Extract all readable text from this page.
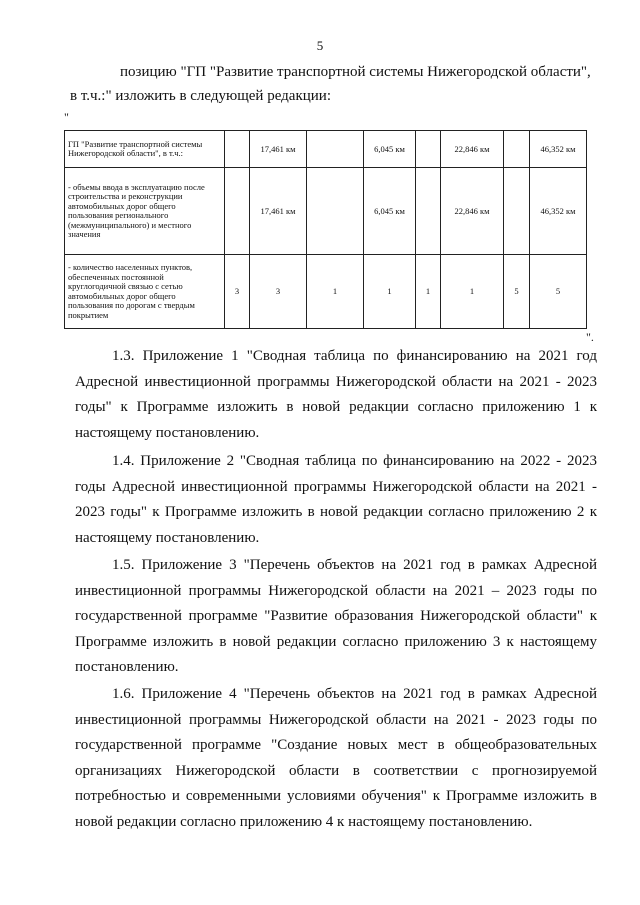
5
позицию "ГП "Развитие транспортной системы Нижегородской области",
в т.ч.:" изложить в следующей редакции:
"
ГП "Развитие транспортной системы Нижегородской области", в т.ч.:		17,461 км		6,045 км		22,846 км		46,352 км
- объемы ввода в эксплуатацию после строительства и реконструкции автомобильных дорог общего пользования регионального (межмуниципального) и местного значения		17,461 км		6,045 км		22,846 км		46,352 км
- количество населенных пунктов, обеспеченных постоянной круглогодичной связью с сетью автомобильных дорог общего пользования по дорогам с твердым покрытием	3	3	1	1	1	1	5	5
".

1.3. Приложение 1 "Сводная таблица по финансированию на 2021 год Адресной инвестиционной программы Нижегородской области на 2021 - 2023 годы" к Программе изложить в новой редакции согласно приложению 1 к настоящему постановлению.

1.4. Приложение 2 "Сводная таблица по финансированию на 2022 - 2023 годы Адресной инвестиционной программы Нижегородской области на 2021 - 2023 годы" к Программе изложить в новой редакции согласно приложению 2 к настоящему постановлению.

1.5. Приложение 3 "Перечень объектов на 2021 год в рамках Адресной инвестиционной программы Нижегородской области на 2021 – 2023 годы по государственной программе "Развитие образования Нижегородской области" к Программе изложить в новой редакции согласно приложению 3 к настоящему постановлению.

1.6. Приложение 4 "Перечень объектов на 2021 год в рамках Адресной инвестиционной программы Нижегородской области на 2021 - 2023 годы по государственной программе "Создание новых мест в общеобразовательных организациях Нижегородской области в соответствии с прогнозируемой потребностью и современными условиями обучения" к Программе изложить в новой редакции согласно приложению 4 к настоящему постановлению.
